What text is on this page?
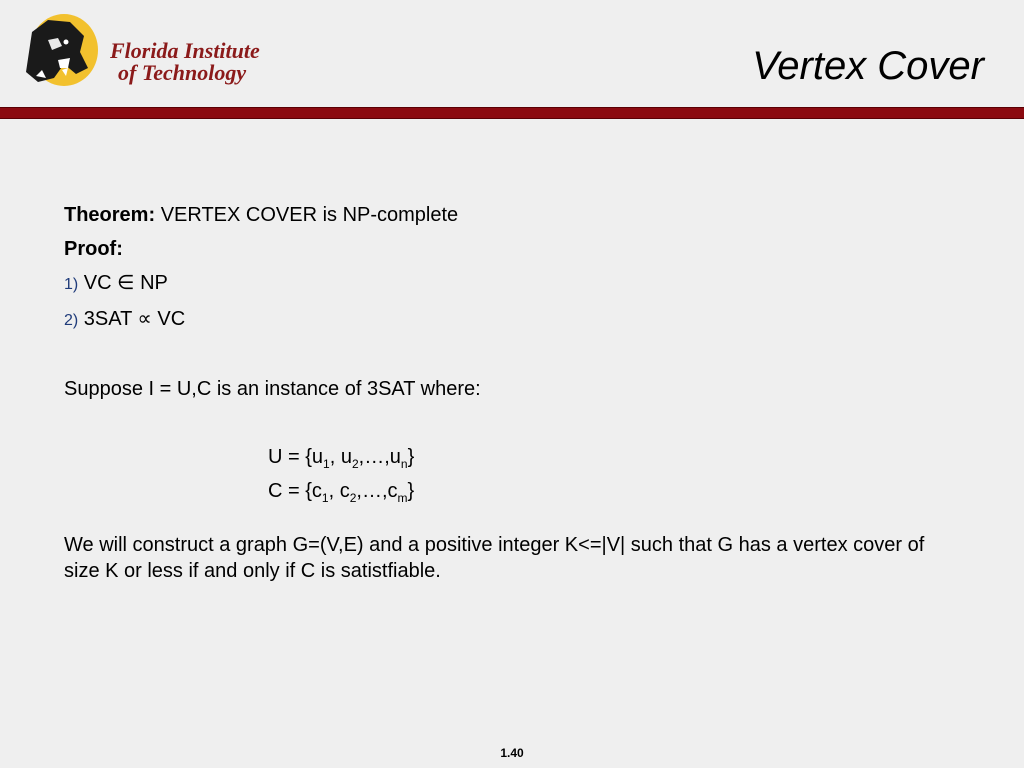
Florida Institute
of Technology	Vertex Cover
Theorem: VERTEX COVER is NP-complete
Proof:
1) VC ∈ NP
2) 3SAT ∝ VC
Suppose I = U,C is an instance of 3SAT where:
$U = \{u_1$, $u_2,\dots,u_n$}
$C = \{c_1$, $c_2,\dots,c_m$}
We will construct a graph G=(V,E) and a positive integer K<=|V| such that G has a vertex cover of size K or less if and only if C is satistfiable.
1.40
